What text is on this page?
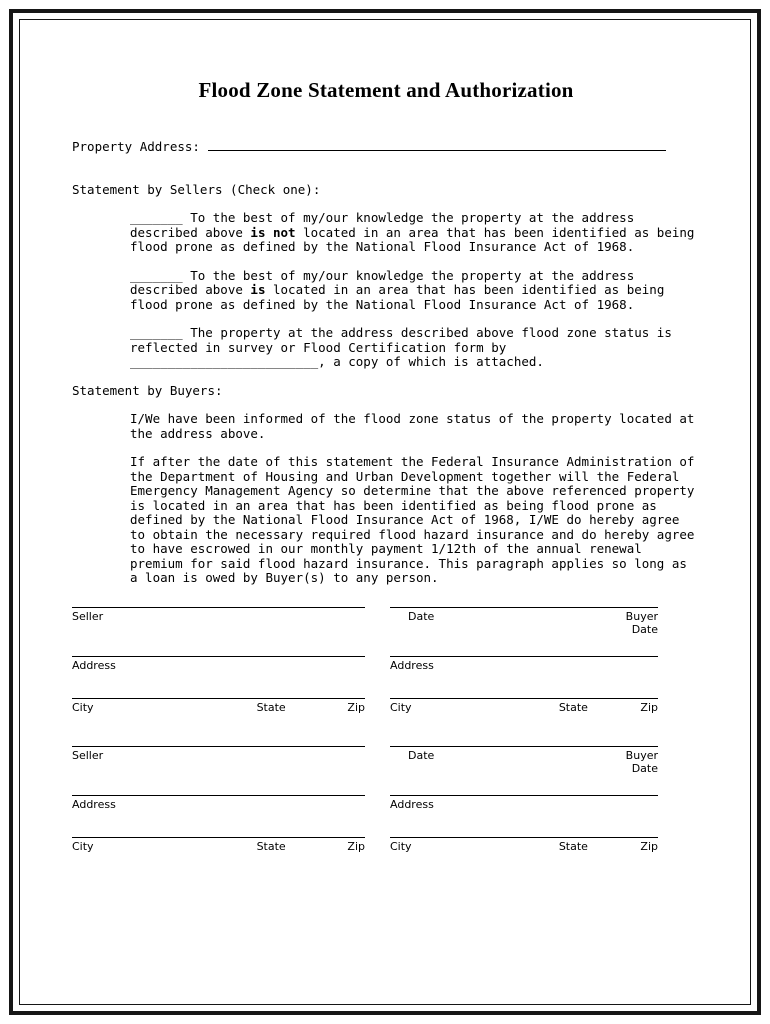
Flood Zone Statement and Authorization
Property Address:

Statement by Sellers (Check one):

_______ To the best of my/our knowledge the property at the address described above is not located in an area that has been identified as being flood prone as defined by the National Flood Insurance Act of 1968.

_______ To the best of my/our knowledge the property at the address described above is located in an area that has been identified as being flood prone as defined by the National Flood Insurance Act of 1968.

_______ The property at the address described above flood zone status is reflected in survey or Flood Certification form by _________________________, a copy of which is attached.

Statement by Buyers:

I/We have been informed of the flood zone status of the property located at the address above.

If after the date of this statement the Federal Insurance Administration of the Department of Housing and Urban Development together will the Federal Emergency Management Agency so determine that the above referenced property is located in an area that has been identified as being flood prone as defined by the National Flood Insurance Act of 1968, I/WE do hereby agree to obtain the necessary required flood hazard insurance and do hereby agree to have escrowed in our monthly payment 1/12th of the annual renewal premium for said flood hazard insurance. This paragraph applies so long as a loan is owed by Buyer(s) to any person.

Seller	Date	Buyer
Date
Address	Address
City	State	Zip City	State	Zip
Seller	Date	Buyer
Date
Address	Address
City	State	Zip City	State	Zip
